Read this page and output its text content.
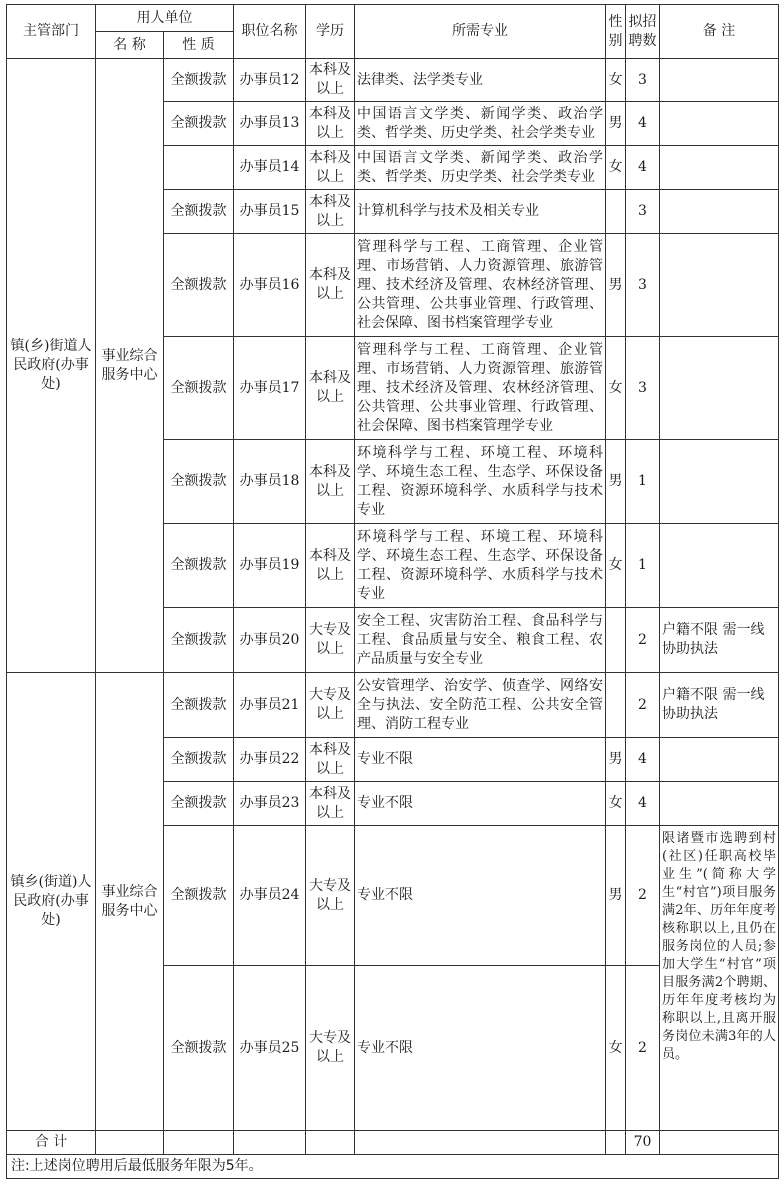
主管部门	用人单位		职位名称	学历	所需专业	性别	拟招聘数	备 注
	名 称	性 质						
镇(乡)街道人民政府(办事处)	事业综合服务中心	全额拨款	办事员12	本科及以上	法律类、法学类专业	女	3	
		全额拨款	办事员13	本科及以上	中国语言文学类、新闻学类、政治学类、哲学类、历史学类、社会学类专业	男	4	
			办事员14	本科及以上	中国语言文学类、新闻学类、政治学类、哲学类、历史学类、社会学类专业	女	4	
		全额拨款	办事员15	本科及以上	计算机科学与技术及相关专业		3	
		全额拨款	办事员16	本科及以上	管理科学与工程、工商管理、企业管理、市场营销、人力资源管理、旅游管理、技术经济及管理、农林经济管理、公共管理、公共事业管理、行政管理、社会保障、图书档案管理学专业	男	3	
		全额拨款	办事员17	本科及以上	管理科学与工程、工商管理、企业管理、市场营销、人力资源管理、旅游管理、技术经济及管理、农林经济管理、公共管理、公共事业管理、行政管理、社会保障、图书档案管理学专业	女	3	
		全额拨款	办事员18	本科及以上	环境科学与工程、环境工程、环境科学、环境生态工程、生态学、环保设备工程、资源环境科学、水质科学与技术专业	男	1	
		全额拨款	办事员19	本科及以上	环境科学与工程、环境工程、环境科学、环境生态工程、生态学、环保设备工程、资源环境科学、水质科学与技术专业	女	1	
		全额拨款	办事员20	大专及以上	安全工程、灾害防治工程、食品科学与工程、食品质量与安全、粮食工程、农产品质量与安全专业		2	户籍不限 需一线协助执法
镇乡(街道)人民政府(办事处)	事业综合服务中心	全额拨款	办事员21	大专及以上	公安管理学、治安学、侦查学、网络安全与执法、安全防范工程、公共安全管理、消防工程专业		2	户籍不限 需一线协助执法
		全额拨款	办事员22	本科及以上	专业不限	男	4	
		全额拨款	办事员23	本科及以上	专业不限	女	4	
		全额拨款	办事员24	大专及以上	专业不限	男	2	限诸暨市选聘到村(社区)任职高校毕业生”(简称大学生“村官”)项目服务满2年、历年年度考核称职以上,且仍在服务岗位的人员;参加大学生“村官”项目服务满2个聘期、历年年度考核均为称职以上,且离开服务岗位未满3年的人员。
		全额拨款	办事员25	大专及以上	专业不限	女	2	
合 计							70	
注:上述岗位聘用后最低服务年限为5年。								
